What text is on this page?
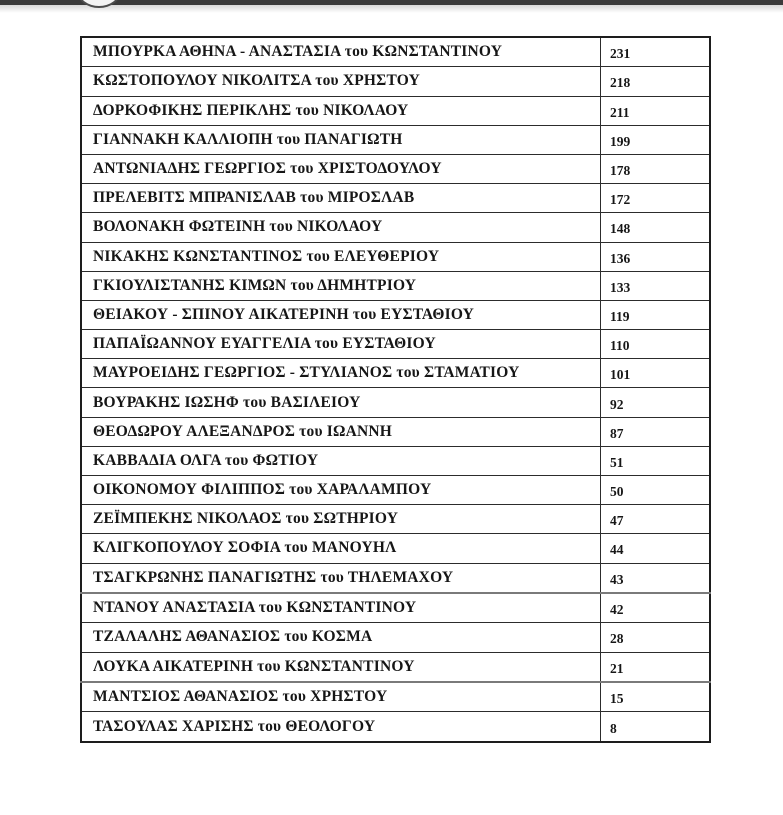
ΜΠΟΥΡΚΑ ΑΘΗΝΑ - ΑΝΑΣΤΑΣΙΑ του ΚΩΝΣΤΑΝΤΙΝΟΥ	231
ΚΩΣΤΟΠΟΥΛΟΥ ΝΙΚΟΛΙΤΣΑ του ΧΡΗΣΤΟΥ	218
ΔΟΡΚΟΦΙΚΗΣ ΠΕΡΙΚΛΗΣ του ΝΙΚΟΛΑΟΥ	211
ΓΙΑΝΝΑΚΗ ΚΑΛΛΙΟΠΗ του ΠΑΝΑΓΙΩΤΗ	199
ΑΝΤΩΝΙΑΔΗΣ ΓΕΩΡΓΙΟΣ του ΧΡΙΣΤΟΔΟΥΛΟΥ	178
ΠΡΕΛΕΒΙΤΣ ΜΠΡΑΝΙΣΛΑΒ του ΜΙΡΟΣΛΑΒ	172
ΒΟΛΟΝΑΚΗ ΦΩΤΕΙΝΗ του ΝΙΚΟΛΑΟΥ	148
ΝΙΚΑΚΗΣ ΚΩΝΣΤΑΝΤΙΝΟΣ του ΕΛΕΥΘΕΡΙΟΥ	136
ΓΚΙΟΥΛΙΣΤΑΝΗΣ ΚΙΜΩΝ του ΔΗΜΗΤΡΙΟΥ	133
ΘΕΙΑΚΟΥ - ΣΠΙΝΟΥ ΑΙΚΑΤΕΡΙΝΗ του ΕΥΣΤΑΘΙΟΥ	119
ΠΑΠΑΪΩΑΝΝΟΥ ΕΥΑΓΓΕΛΙΑ του ΕΥΣΤΑΘΙΟΥ	110
ΜΑΥΡΟΕΙΔΗΣ ΓΕΩΡΓΙΟΣ - ΣΤΥΛΙΑΝΟΣ του ΣΤΑΜΑΤΙΟΥ	101
ΒΟΥΡΑΚΗΣ ΙΩΣΗΦ του ΒΑΣΙΛΕΙΟΥ	92
ΘΕΟΔΩΡΟΥ ΑΛΕΞΑΝΔΡΟΣ του ΙΩΑΝΝΗ	87
ΚΑΒΒΑΔΙΑ ΟΛΓΑ του ΦΩΤΙΟΥ	51
ΟΙΚΟΝΟΜΟΥ ΦΙΛΙΠΠΟΣ του ΧΑΡΑΛΑΜΠΟΥ	50
ΖΕΪΜΠΕΚΗΣ ΝΙΚΟΛΑΟΣ του ΣΩΤΗΡΙΟΥ	47
ΚΛΙΓΚΟΠΟΥΛΟΥ ΣΟΦΙΑ του ΜΑΝΟΥΗΛ	44
ΤΣΑΓΚΡΩΝΗΣ ΠΑΝΑΓΙΩΤΗΣ του ΤΗΛΕΜΑΧΟΥ	43
ΝΤΑΝΟΥ ΑΝΑΣΤΑΣΙΑ του ΚΩΝΣΤΑΝΤΙΝΟΥ	42
ΤΖΑΛΑΛΗΣ ΑΘΑΝΑΣΙΟΣ του ΚΟΣΜΑ	28
ΛΟΥΚΑ ΑΙΚΑΤΕΡΙΝΗ του ΚΩΝΣΤΑΝΤΙΝΟΥ	21
ΜΑΝΤΣΙΟΣ ΑΘΑΝΑΣΙΟΣ του ΧΡΗΣΤΟΥ	15
ΤΑΣΟΥΛΑΣ ΧΑΡΙΣΗΣ του ΘΕΟΛΟΓΟΥ	8
